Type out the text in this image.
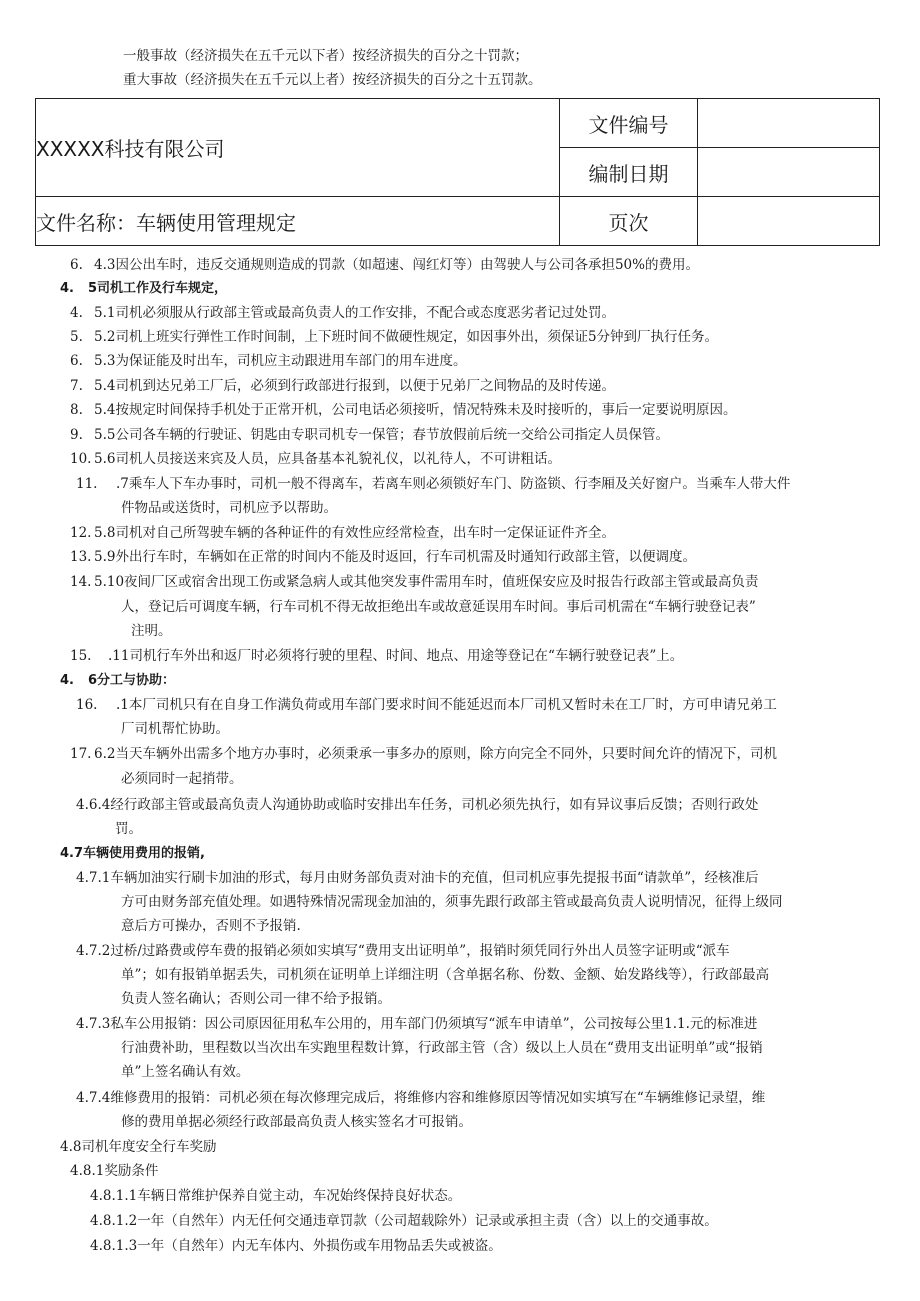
一般事故（经济损失在五千元以下者）按经济损失的百分之十罚款；
重大事故（经济损失在五千元以上者）按经济损失的百分之十五罚款。
XXXXX科技有限公司	文件编号	
	编制日期	
文件名称：车辆使用管理规定	页次	
6. 4.3因公出车时，违反交通规则造成的罚款（如超速、闯红灯等）由驾驶人与公司各承担50%的费用。
4. 5司机工作及行车规定，
4. 5.1司机必须服从行政部主管或最高负责人的工作安排，不配合或态度恶劣者记过处罚。
5. 5.2司机上班实行弹性工作时间制，上下班时间不做硬性规定，如因事外出，须保证5分钟到厂执行任务。
6. 5.3为保证能及时出车，司机应主动跟进用车部门的用车进度。
7. 5.4司机到达兄弟工厂后，必须到行政部进行报到，以便于兄弟厂之间物品的及时传递。
8. 5.4按规定时间保持手机处于正常开机，公司电话必须接听，情况特殊未及时接听的，事后一定要说明原因。
9. 5.5公司各车辆的行驶证、钥匙由专职司机专一保管；春节放假前后统一交给公司指定人员保管。
10. 5.6司机人员接送来宾及人员，应具备基本礼貌礼仪，以礼待人，不可讲粗话。
11. .7乘车人下车办事时，司机一般不得离车，若离车则必须锁好车门、防盗锁、行李厢及关好窗户。当乘车人带大件
件物品或送货时，司机应予以帮助。
12. 5.8司机对自己所驾驶车辆的各种证件的有效性应经常检查，出车时一定保证证件齐全。
13. 5.9外出行车时，车辆如在正常的时间内不能及时返回，行车司机需及时通知行政部主管，以便调度。
14. 5.10夜间厂区或宿舍出现工伤或紧急病人或其他突发事件需用车时，值班保安应及时报告行政部主管或最高负责
人，登记后可调度车辆，行车司机不得无故拒绝出车或故意延误用车时间。事后司机需在“车辆行驶登记表”
注明。
15. .11司机行车外出和返厂时必须将行驶的里程、时间、地点、用途等登记在“车辆行驶登记表”上。
4. 6分工与协助：
16. .1本厂司机只有在自身工作满负荷或用车部门要求时间不能延迟而本厂司机又暂时未在工厂时，方可申请兄弟工
厂司机帮忙协助。
17. 6.2当天车辆外出需多个地方办事时，必须秉承一事多办的原则，除方向完全不同外，只要时间允许的情况下，司机
必须同时一起捎带。
4.6.4经行政部主管或最高负责人沟通协助或临时安排出车任务，司机必须先执行，如有异议事后反馈；否则行政处
罚。
4.7车辆使用费用的报销,
4.7.1车辆加油实行刷卡加油的形式，每月由财务部负责对油卡的充值，但司机应事先提报书面“请款单”，经核准后
方可由财务部充值处理。如遇特殊情况需现金加油的，须事先跟行政部主管或最高负责人说明情况，征得上级同
意后方可操办，否则不予报销.
4.7.2过桥/过路费或停车费的报销必须如实填写“费用支出证明单”，报销时须凭同行外出人员签字证明或“派车
单”；如有报销单据丢失，司机须在证明单上详细注明（含单据名称、份数、金额、始发路线等），行政部最高
负责人签名确认；否则公司一律不给予报销。
4.7.3私车公用报销：因公司原因征用私车公用的，用车部门仍须填写“派车申请单”，公司按每公里1.1.元的标准进
行油费补助，里程数以当次出车实跑里程数计算，行政部主管（含）级以上人员在“费用支出证明单”或“报销
单”上签名确认有效。
4.7.4维修费用的报销：司机必须在每次修理完成后，将维修内容和维修原因等情况如实填写在“车辆维修记录望，维
修的费用单据必须经行政部最高负责人核实签名才可报销。
4.8司机年度安全行车奖励
4.8.1奖励条件
4.8.1.1车辆日常维护保养自觉主动，车况始终保持良好状态。
4.8.1.2一年（自然年）内无任何交通违章罚款（公司超载除外）记录或承担主责（含）以上的交通事故。
4.8.1.3一年（自然年）内无车体内、外损伤或车用物品丢失或被盗。
